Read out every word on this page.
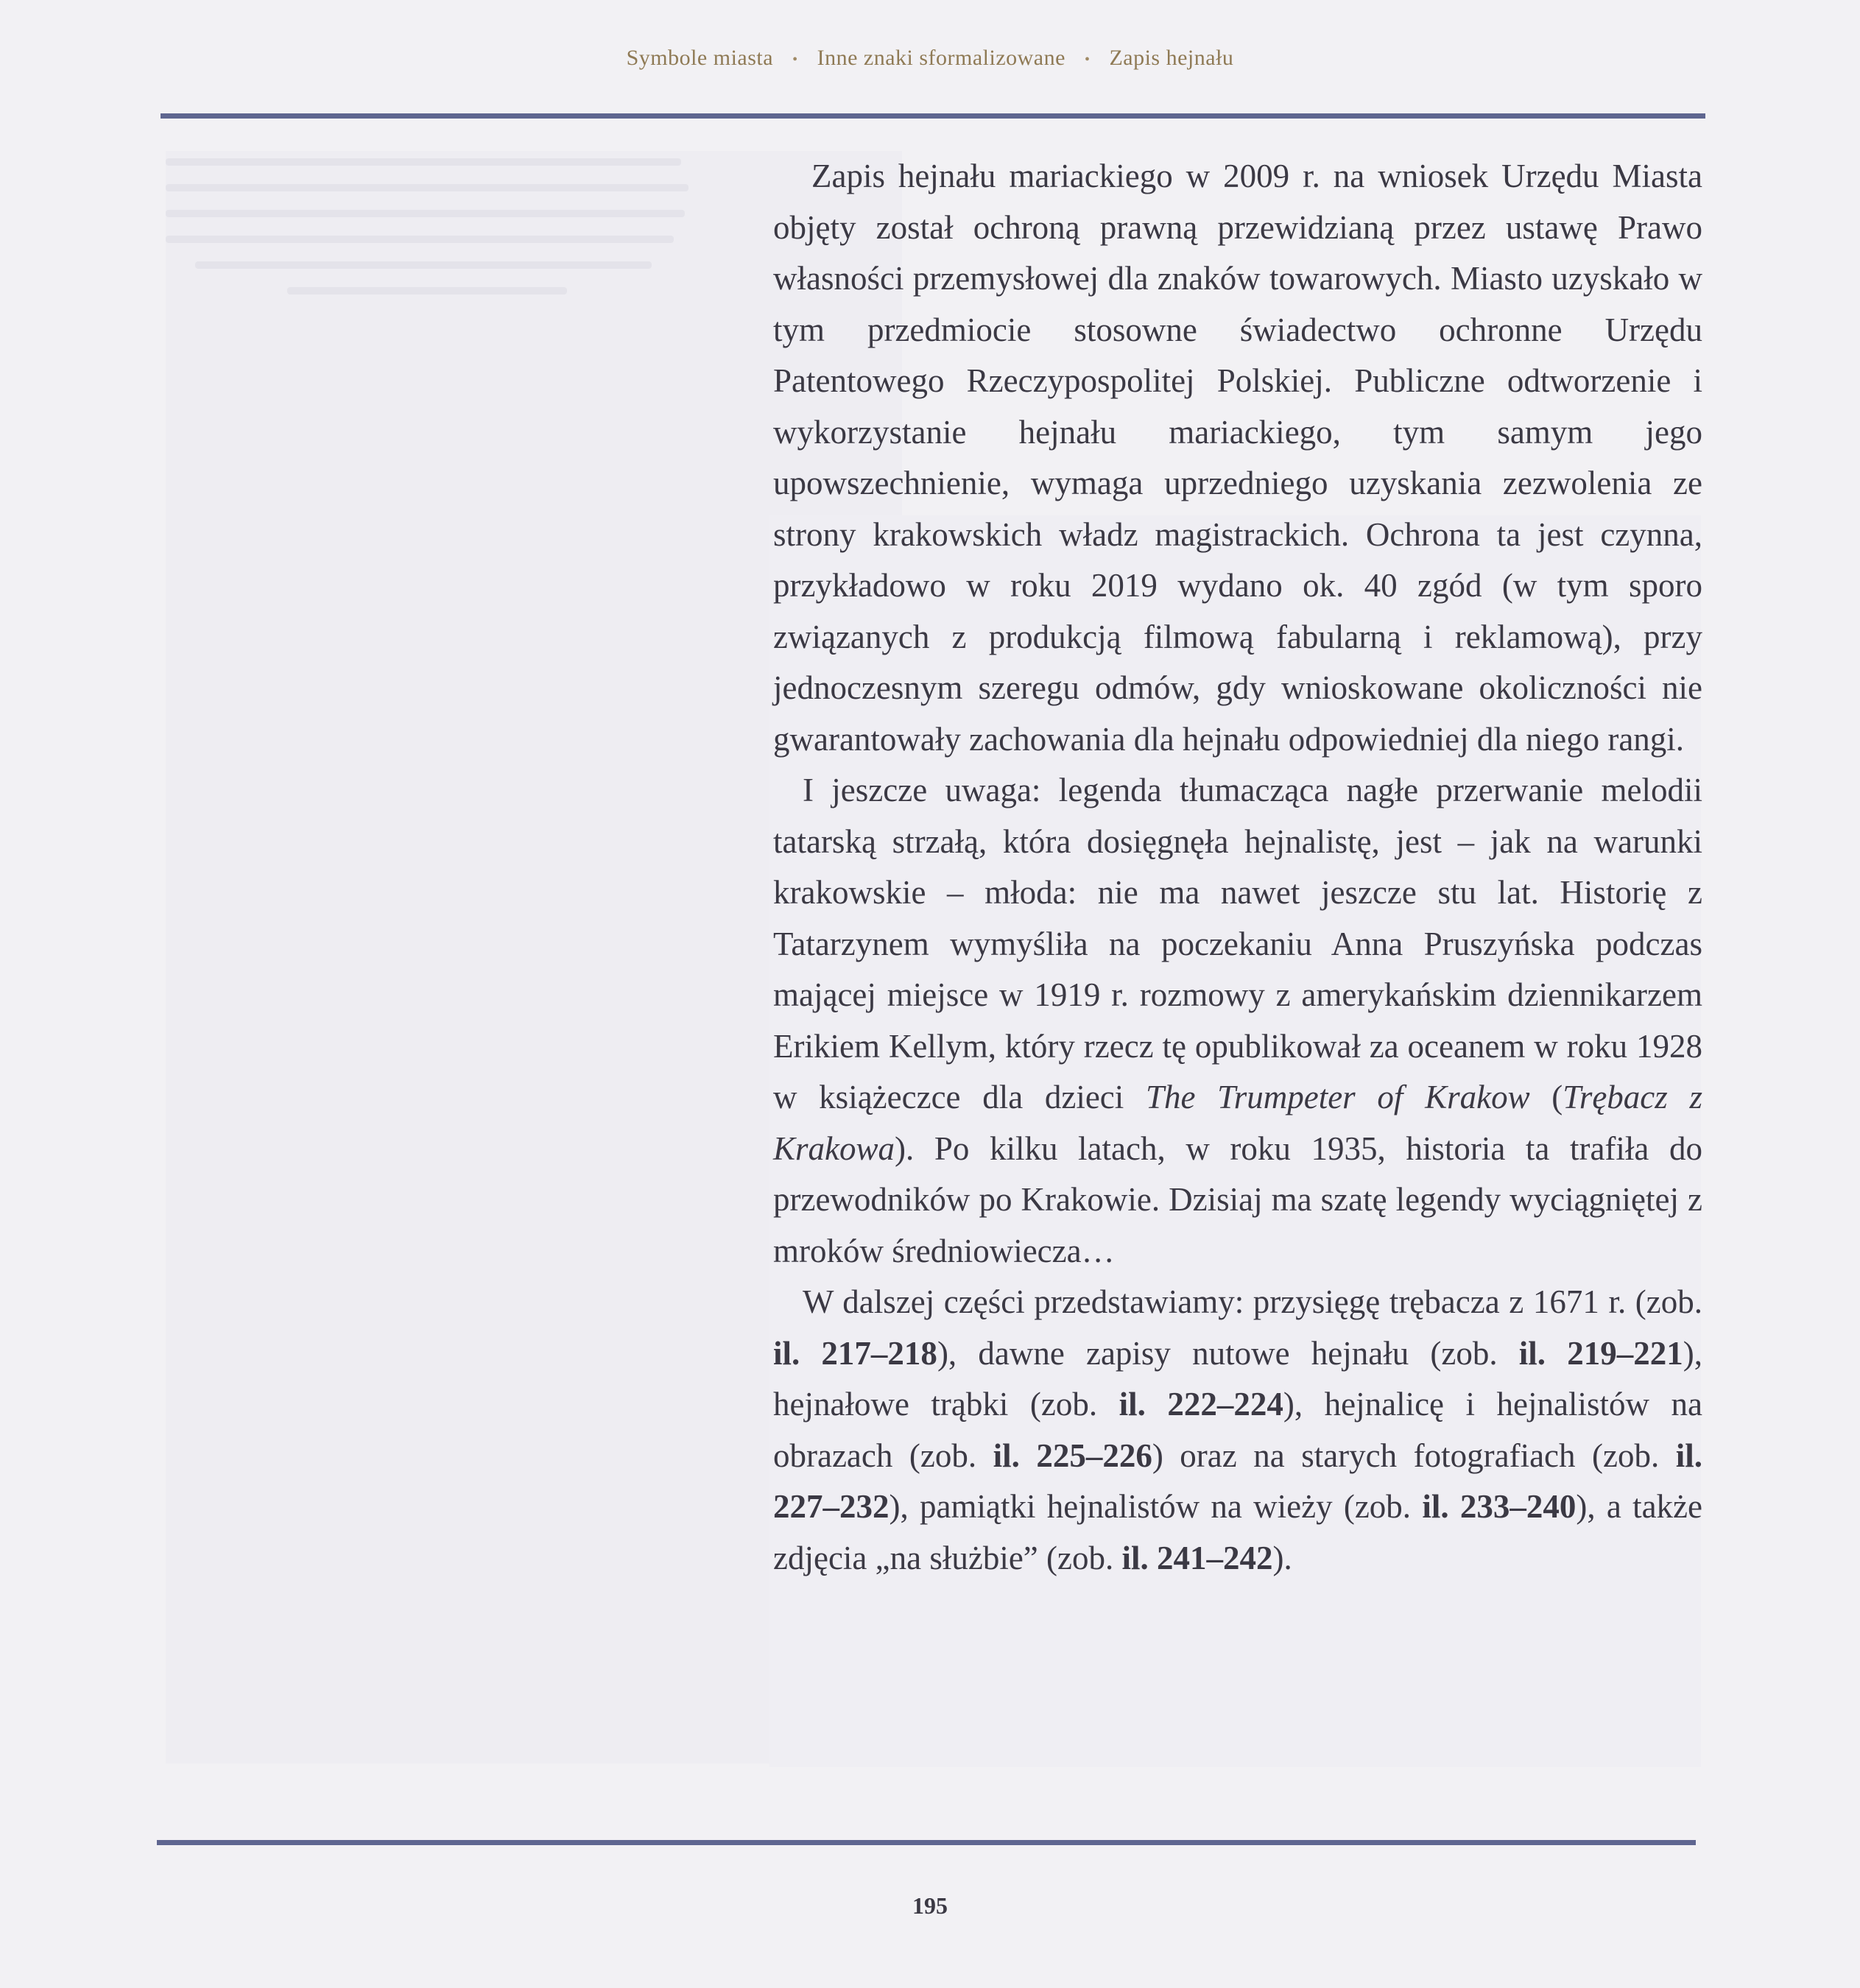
Symbole miasta • Inne znaki sformalizowane • Zapis hejnału

Zapis hejnału mariackiego w 2009 r. na wniosek Urzędu Miasta objęty został ochroną prawną przewidzianą przez ustawę Prawo własności przemysłowej dla znaków towarowych. Miasto uzyskało w tym przedmiocie stosowne świadectwo ochronne Urzędu Patentowego Rzeczypospolitej Polskiej. Publiczne odtworzenie i wykorzystanie hejnału mariackiego, tym samym jego upowszechnienie, wymaga uprzedniego uzyskania zezwolenia ze strony krakowskich władz magistrackich. Ochrona ta jest czynna, przykładowo w roku 2019 wydano ok. 40 zgód (w tym sporo związanych z produkcją filmową fabularną i reklamową), przy jednoczesnym szeregu odmów, gdy wnioskowane okoliczności nie gwarantowały zachowania dla hejnału odpowiedniej dla niego rangi.

I jeszcze uwaga: legenda tłumacząca nagłe przerwanie melodii tatarską strzałą, która dosięgnęła hejnalistę, jest – jak na warunki krakowskie – młoda: nie ma nawet jeszcze stu lat. Historię z Tatarzynem wymyśliła na poczekaniu Anna Pruszyńska podczas mającej miejsce w 1919 r. rozmowy z amerykańskim dziennikarzem Erikiem Kellym, który rzecz tę opublikował za oceanem w roku 1928 w książeczce dla dzieci The Trumpeter of Krakow (Trębacz z Krakowa). Po kilku latach, w roku 1935, historia ta trafiła do przewodników po Krakowie. Dzisiaj ma szatę legendy wyciągniętej z mroków średniowiecza…

W dalszej części przedstawiamy: przysięgę trębacza z 1671 r. (zob. il. 217–218), dawne zapisy nutowe hejnału (zob. il. 219–221), hejnałowe trąbki (zob. il. 222–224), hejnalicę i hejnalistów na obrazach (zob. il. 225–226) oraz na starych fotografiach (zob. il. 227–232), pamiątki hejnalistów na wieży (zob. il. 233–240), a także zdjęcia „na służbie” (zob. il. 241–242).

195
